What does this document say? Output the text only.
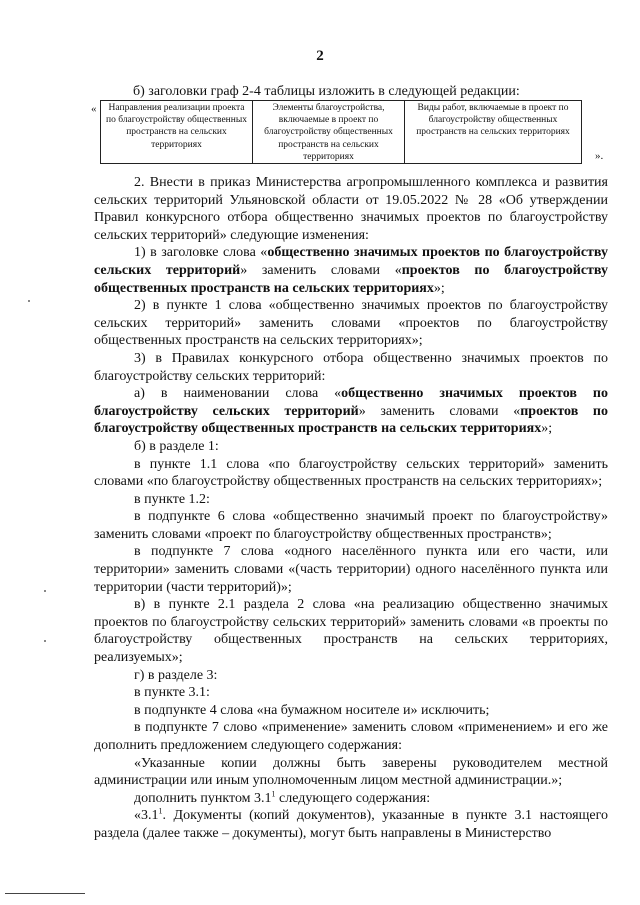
2
б) заголовки граф 2-4 таблицы изложить в следующей редакции:
« Направления реализации проекта по благоустройству общественных пространств на сельских территориях	Элементы благоустройства, включаемые в проект по благоустройству общественных пространств на сельских территориях	Виды работ, включаемые в проект по благоустройству общественных пространств на сельских территориях
».

2. Внести в приказ Министерства агропромышленного комплекса и развития сельских территорий Ульяновской области от 19.05.2022 № 28 «Об утверждении Правил конкурсного отбора общественно значимых проектов по благоустройству сельских территорий» следующие изменения:

1) в заголовке слова «общественно значимых проектов по благоустройству сельских территорий» заменить словами «проектов по благоустройству общественных пространств на сельских территориях»;

2) в пункте 1 слова «общественно значимых проектов по благоустройству сельских территорий» заменить словами «проектов по благоустройству общественных пространств на сельских территориях»;

3) в Правилах конкурсного отбора общественно значимых проектов по благоустройству сельских территорий:

а) в наименовании слова «общественно значимых проектов по благоустройству сельских территорий» заменить словами «проектов по благоустройству общественных пространств на сельских территориях»;

б) в разделе 1:

в пункте 1.1 слова «по благоустройству сельских территорий» заменить словами «по благоустройству общественных пространств на сельских территориях»;

в пункте 1.2:

в подпункте 6 слова «общественно значимый проект по благоустройству» заменить словами «проект по благоустройству общественных пространств»;

в подпункте 7 слова «одного населённого пункта или его части, или территории» заменить словами «(часть территории) одного населённого пункта или территории (части территорий)»;

в) в пункте 2.1 раздела 2 слова «на реализацию общественно значимых проектов по благоустройству сельских территорий» заменить словами «в проекты по благоустройству общественных пространств на сельских территориях, реализуемых»;

г) в разделе 3:

в пункте 3.1:

в подпункте 4 слова «на бумажном носителе и» исключить;

в подпункте 7 слово «применение» заменить словом «применением» и его же дополнить предложением следующего содержания:

«Указанные копии должны быть заверены руководителем местной администрации или иным уполномоченным лицом местной администрации.»;

дополнить пунктом $3.1^1$ следующего содержания:

«$3.1^1$. Документы (копий документов), указанные в пункте 3.1 настоящего раздела (далее также – документы), могут быть направлены в Министерство
